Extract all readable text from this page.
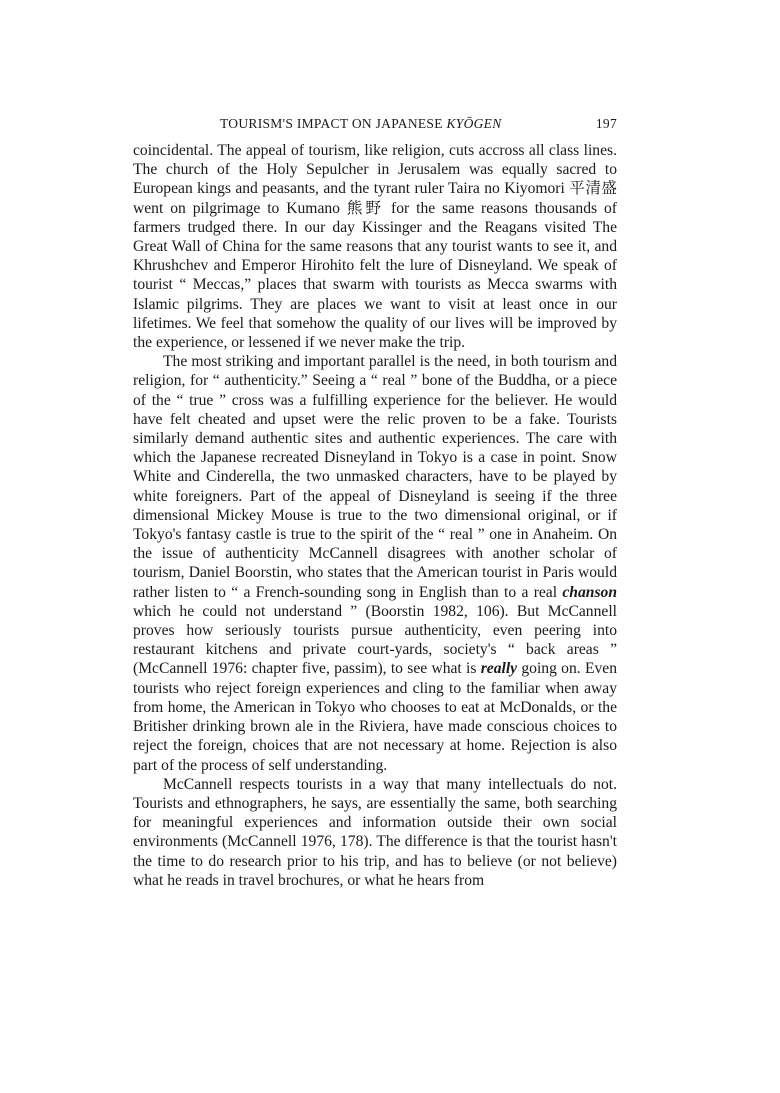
TOURISM'S IMPACT ON JAPANESE KYŌGEN	197

coincidental. The appeal of tourism, like religion, cuts accross all class lines. The church of the Holy Sepulcher in Jerusalem was equally sacred to European kings and peasants, and the tyrant ruler Taira no Kiyomori 平清盛 went on pilgrimage to Kumano 熊野 for the same reasons thousands of farmers trudged there. In our day Kissinger and the Reagans visited The Great Wall of China for the same reasons that any tourist wants to see it, and Khrushchev and Emperor Hirohito felt the lure of Disneyland. We speak of tourist “ Meccas,” places that swarm with tourists as Mecca swarms with Islamic pilgrims. They are places we want to visit at least once in our lifetimes. We feel that somehow the quality of our lives will be improved by the experience, or lessened if we never make the trip.

The most striking and important parallel is the need, in both tourism and religion, for “ authenticity.” Seeing a “ real ” bone of the Buddha, or a piece of the “ true ” cross was a fulfilling experience for the believer. He would have felt cheated and upset were the relic proven to be a fake. Tourists similarly demand authentic sites and authentic experiences. The care with which the Japanese recreated Disneyland in Tokyo is a case in point. Snow White and Cinderella, the two unmasked characters, have to be played by white foreigners. Part of the appeal of Disneyland is seeing if the three dimensional Mickey Mouse is true to the two dimensional original, or if Tokyo's fantasy castle is true to the spirit of the “ real ” one in Anaheim. On the issue of authenticity McCannell disagrees with another scholar of tourism, Daniel Boorstin, who states that the American tourist in Paris would rather listen to “ a French-sounding song in English than to a real chanson which he could not understand ” (Boorstin 1982, 106). But McCannell proves how seriously tourists pursue authenticity, even peering into restaurant kitchens and private court-yards, society's “ back areas ” (McCannell 1976: chapter five, passim), to see what is really going on. Even tourists who reject foreign experiences and cling to the familiar when away from home, the American in Tokyo who chooses to eat at McDonalds, or the Britisher drinking brown ale in the Riviera, have made conscious choices to reject the foreign, choices that are not necessary at home. Rejection is also part of the process of self understanding.

McCannell respects tourists in a way that many intellectuals do not. Tourists and ethnographers, he says, are essentially the same, both searching for meaningful experiences and information outside their own social environments (McCannell 1976, 178). The difference is that the tourist hasn't the time to do research prior to his trip, and has to believe (or not believe) what he reads in travel brochures, or what he hears from
